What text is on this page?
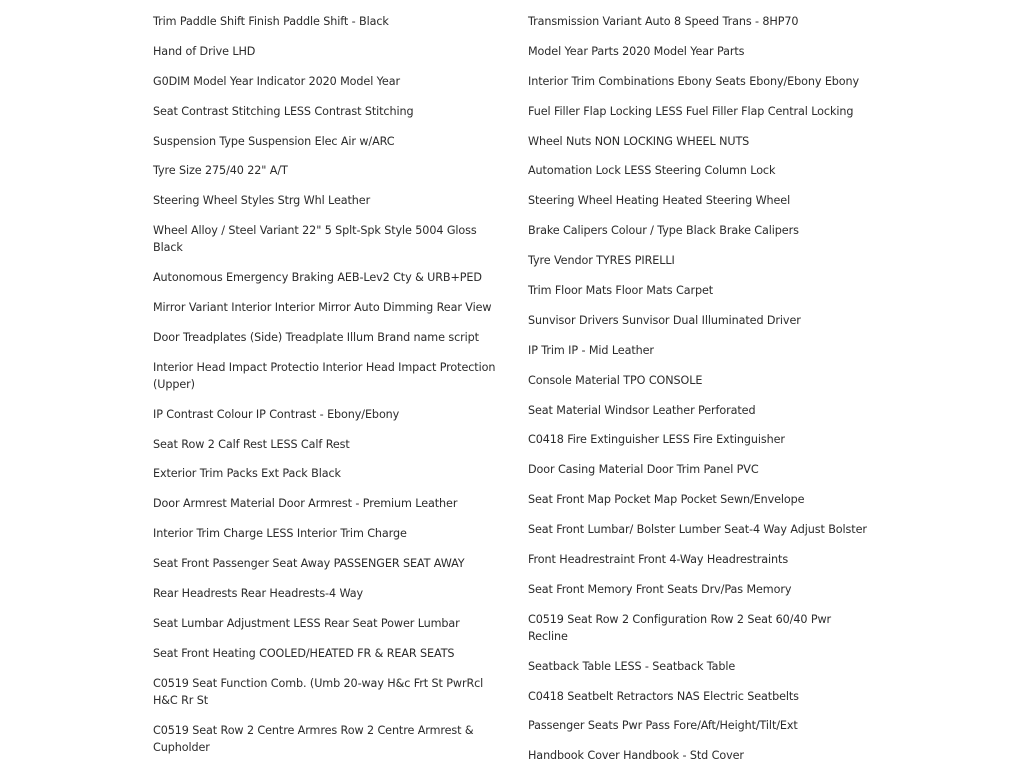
Trim Paddle Shift Finish Paddle Shift - Black

Hand of Drive LHD

G0DIM Model Year Indicator 2020 Model Year

Seat Contrast Stitching LESS Contrast Stitching

Suspension Type Suspension Elec Air w/ARC

Tyre Size 275/40 22" A/T

Steering Wheel Styles Strg Whl Leather

Wheel Alloy / Steel Variant 22" 5 Splt-Spk Style 5004 Gloss Black

Autonomous Emergency Braking AEB-Lev2 Cty & URB+PED

Mirror Variant Interior Interior Mirror Auto Dimming Rear View

Door Treadplates (Side) Treadplate Illum Brand name script

Interior Head Impact Protectio Interior Head Impact Protection (Upper)

IP Contrast Colour IP Contrast - Ebony/Ebony

Seat Row 2 Calf Rest LESS Calf Rest

Exterior Trim Packs Ext Pack Black

Door Armrest Material Door Armrest - Premium Leather

Interior Trim Charge LESS Interior Trim Charge

Seat Front Passenger Seat Away PASSENGER SEAT AWAY

Rear Headrests Rear Headrests-4 Way

Seat Lumbar Adjustment LESS Rear Seat Power Lumbar

Seat Front Heating COOLED/HEATED FR & REAR SEATS

C0519 Seat Function Comb. (Umb 20-way H&c Frt St PwrRcl H&C Rr St

C0519 Seat Row 2 Centre Armres Row 2 Centre Armrest & Cupholder

Transmission Variant Auto 8 Speed Trans - 8HP70

Model Year Parts 2020 Model Year Parts

Interior Trim Combinations Ebony Seats Ebony/Ebony Ebony

Fuel Filler Flap Locking LESS Fuel Filler Flap Central Locking

Wheel Nuts NON LOCKING WHEEL NUTS

Automation Lock LESS Steering Column Lock

Steering Wheel Heating Heated Steering Wheel

Brake Calipers Colour / Type Black Brake Calipers

Tyre Vendor TYRES PIRELLI

Trim Floor Mats Floor Mats Carpet

Sunvisor Drivers Sunvisor Dual Illuminated Driver

IP Trim IP - Mid Leather

Console Material TPO CONSOLE

Seat Material Windsor Leather Perforated

C0418 Fire Extinguisher LESS Fire Extinguisher

Door Casing Material Door Trim Panel PVC

Seat Front Map Pocket Map Pocket Sewn/Envelope

Seat Front Lumbar/ Bolster Lumber Seat-4 Way Adjust Bolster

Front Headrestraint Front 4-Way Headrestraints

Seat Front Memory Front Seats Drv/Pas Memory

C0519 Seat Row 2 Configuration Row 2 Seat 60/40 Pwr Recline

Seatback Table LESS - Seatback Table

C0418 Seatbelt Retractors NAS Electric Seatbelts

Passenger Seats Pwr Pass Fore/Aft/Height/Tilt/Ext

Handbook Cover Handbook - Std Cover
